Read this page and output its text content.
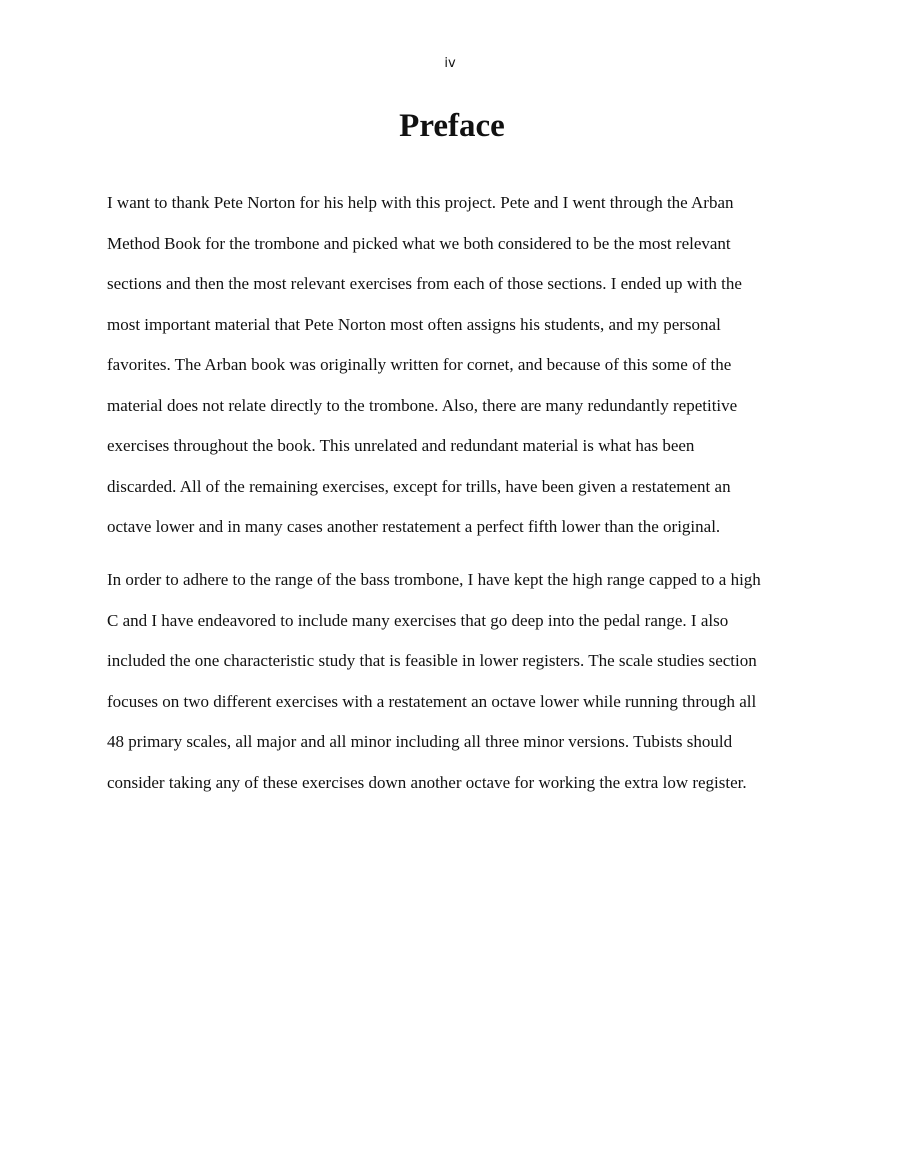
iv
Preface
I want to thank Pete Norton for his help with this project. Pete and I went through the Arban
Method Book for the trombone and picked what we both considered to be the most relevant
sections and then the most relevant exercises from each of those sections. I ended up with the
most important material that Pete Norton most often assigns his students, and my personal
favorites. The Arban book was originally written for cornet, and because of this some of the
material does not relate directly to the trombone. Also, there are many redundantly repetitive
exercises throughout the book. This unrelated and redundant material is what has been
discarded. All of the remaining exercises, except for trills, have been given a restatement an
octave lower and in many cases another restatement a perfect fifth lower than the original.
In order to adhere to the range of the bass trombone, I have kept the high range capped to a high
C and I have endeavored to include many exercises that go deep into the pedal range. I also
included the one characteristic study that is feasible in lower registers. The scale studies section
focuses on two different exercises with a restatement an octave lower while running through all
48 primary scales, all major and all minor including all three minor versions. Tubists should
consider taking any of these exercises down another octave for working the extra low register.
